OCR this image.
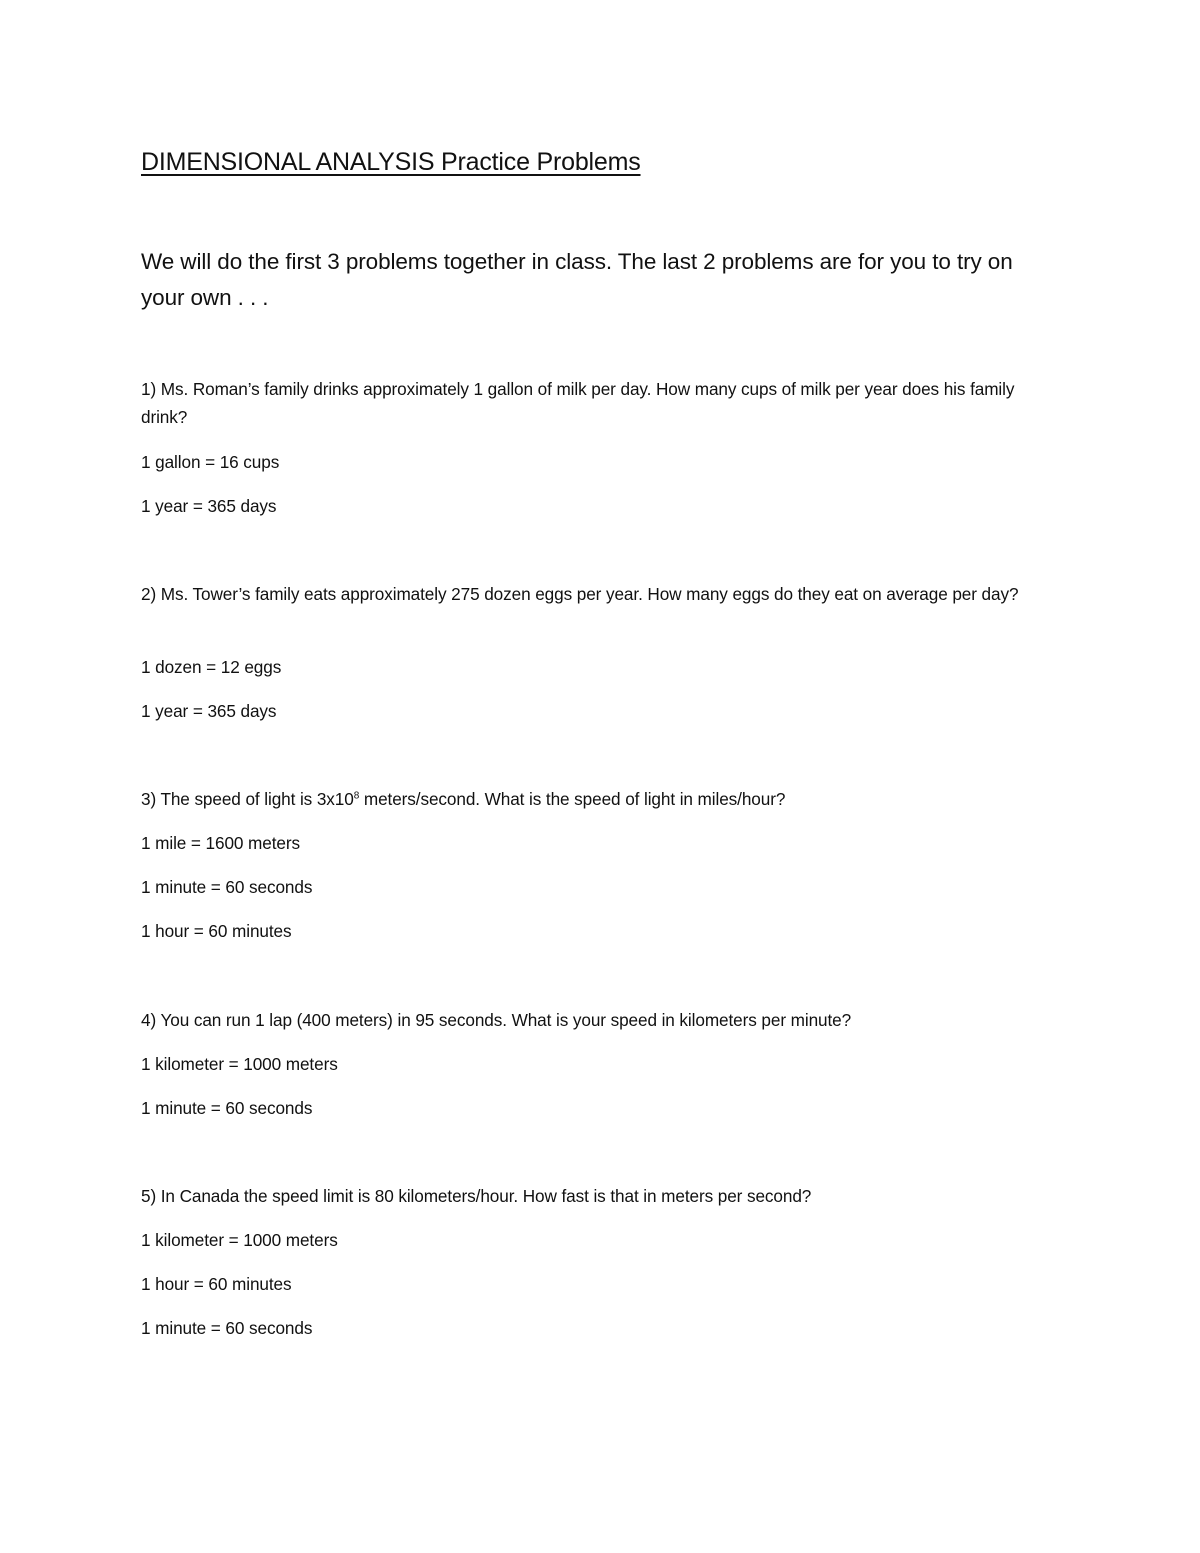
DIMENSIONAL ANALYSIS Practice Problems
We will do the first 3 problems together in class. The last 2 problems are for you to try on your own . . .
1) Ms. Roman’s family drinks approximately 1 gallon of milk per day. How many cups of milk per year does his family drink?
1 gallon = 16 cups
1 year = 365 days
2) Ms. Tower’s family eats approximately 275 dozen eggs per year. How many eggs do they eat on average per day?
1 dozen = 12 eggs
1 year = 365 days
3) The speed of light is $3x10^8$ meters/second. What is the speed of light in miles/hour?
1 mile = 1600 meters
1 minute = 60 seconds
1 hour = 60 minutes
4) You can run 1 lap (400 meters) in 95 seconds. What is your speed in kilometers per minute?
1 kilometer = 1000 meters
1 minute = 60 seconds
5) In Canada the speed limit is 80 kilometers/hour. How fast is that in meters per second?
1 kilometer = 1000 meters
1 hour = 60 minutes
1 minute = 60 seconds
